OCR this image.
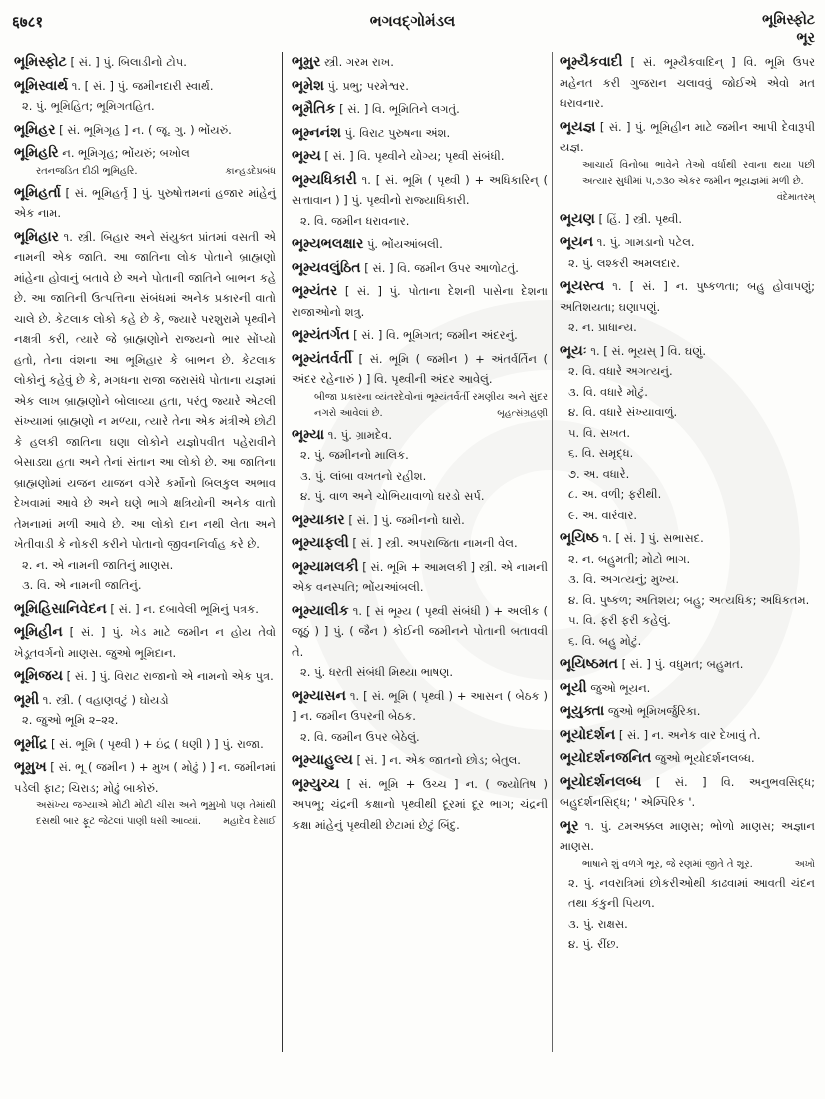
६७८१	ભગવદ્ગોમંડલ	ભૂમિસ્ફોટ
ભૂર
ભૂમિસ્ફોટ [ સં. ] પું. બિલાડીનો ટોપ.
ભૂમિસ્વાર્થ ૧. [ સં. ] પું. જમીનદારી સ્વાર્થ.
૨. પું. ભૂમિહિત; ભૂમિગતહિત.
ભૂમિહર [ સં. ભૂમિગૃહ ] ન. ( જૂ. ગુ. ) ભોંયરું.
ભૂમિહરિ ન. ભૂમિગૃહ; ભોંયરું; બખોલ
રતનજડિત દીઠી ભૂમિહરિ.	કાન્હડદેપ્રબંધ
ભૂમિહર્તા [ સં. ભૂમિહર્તૃ ] પું. પુરુષોત્તમનાં હજાર માંહેનું એક નામ.
ભૂમિહાર ૧. સ્ત્રી. બિહાર અને સંયુક્ત પ્રાંતમાં વસતી એ નામની એક જાતિ. આ જાતિના લોક પોતાને બ્રાહ્મણો માંહેના હોવાનું બતાવે છે અને પોતાની જાતિને બાભન કહે છે. આ જાતિની ઉત્પત્તિના સંબંધમાં અનેક પ્રકારની વાતો ચાલે છે. કેટલાક લોકો કહે છે કે, જ્યારે પરશુરામે પૃથ્વીને નક્ષત્રી કરી, ત્યારે જે બ્રાહ્મણોને રાજ્યનો ભાર સોંપ્યો હતો, તેના વંશના આ ભૂમિહાર કે બાભન છે. કેટલાક લોકોનું કહેવું છે કે, મગધના રાજા જરાસંધે પોતાના યજ્ઞમાં એક લાખ બ્રાહ્મણોને બોલાવ્યા હતા, પરંતુ જ્યારે એટલી સંખ્યામાં બ્રાહ્મણો ન મળ્યા, ત્યારે તેના એક મંત્રીએ છોટી કે હલકી જાતિના ઘણા લોકોને યજ્ઞોપવીત પહેરાવીને બેસાડ્યા હતા અને તેનાં સંતાન આ લોકો છે. આ જાતિના બ્રાહ્મણોમાં યજન યાજન વગેરે કર્મોનો બિલકુલ અભાવ દેખવામાં આવે છે અને ઘણે ભાગે ક્ષત્રિયોની અનેક વાતો તેમનામાં મળી આવે છે. આ લોકો દાન નથી લેતા અને ખેતીવાડી કે નોકરી કરીને પોતાનો જીવનનિર્વાહ કરે છે.
૨. ન. એ નામની જાતિનું માણસ.
૩. વિ. એ નામની જાતિનું.
ભૂમિહિસાનિવેદન [ સં. ] ન. દબાવેલી ભૂમિનું પત્રક.
ભૂમિહીન [ સં. ] પું. ખેડ માટે જમીન ન હોય તેવો ખેડૂતવર્ગનો માણસ. જુઓ ભૂમિદાન.
ભૂમિજય [ સં. ] પું. વિરાટ રાજાનો એ નામનો એક પુત્ર.
ભૂમી ૧. સ્ત્રી. ( વહાણવટું ) ઘોયડો
૨. જુઓ ભૂમિ ૨–૨૨.
ભૂમીંદ્ર [ સં. ભૂમિ ( પૃથ્વી ) + ઇંદ્ર ( ધણી ) ] પું. રાજા.
ભૂમુખ [ સં. ભૂ ( જમીન ) + મુખ ( મોઢું ) ] ન. જમીનમાં પડેલી ફાટ; ચિરાડ; મોઢું બાકોરું.
અસંખ્ય જગ્યાએ મોટી મોટી ચીરા અને ભૂમુખો પણ તેમાંથી દસથી બાર ફૂટ જેટલાં પાણી ધસી આવ્યાં. મહાદેવ દેસાઈ
ભૂમુર સ્ત્રી. ગરમ રાખ.
ભૂમેશ પું. પ્રભુ; પરમેશ્વર.
ભૂમૈતિક [ સં. ] વિ. ભૂમિતિને લગતું.
ભૂમ્નનંશ પું. વિરાટ પુરુષના અંશ.
ભૂમ્ય [ સં. ] વિ. પૃથ્વીને યોગ્ય; પૃથ્વી સંબંધી.
ભૂમ્યધિકારી ૧. [ સં. ભૂમિ ( પૃથ્વી ) + અધિકારિન્ ( સત્તાવાન ) ] પું. પૃથ્વીનો રાજ્યાધિકારી.
૨. વિ. જમીન ધરાવનાર.
ભૂમ્યભલક્ષાર પું. ભોંયઆંબલી.
ભૂમ્યવલુંઠિત [ સં. ] વિ. જમીન ઉપર આળોટતું.
ભૂમ્યંતર [ સં. ] પું. પોતાના દેશની પાસેના દેશના રાજાઓનો શત્રુ.
ભૂમ્યંતર્ગત [ સં. ] વિ. ભૂમિગત; જમીન અંદરનું.
ભૂમ્યંતર્વર્તી [ સં. ભૂમિ ( જમીન ) + અંતર્વર્તિન ( અંદર રહેનારું ) ] વિ. પૃથ્વીની અંદર આવેલું.
બીજા પ્રકારના વ્યંતરદેવોનાં ભૂમ્યંતર્વર્તી રમણીય અને સુંદર નગરો આવેલાં છે.	બૃહત્સંગ્રહણી
ભૂમ્યા ૧. પું. ગ્રામદેવ.
૨. પું. જમીનનો માલિક.
૩. પું. લાંબા વખતનો રહીશ.
૪. પું. વાળ અને ચોભિયાવાળો ઘરડો સર્પ.
ભૂમ્યાકાર [ સં. ] પું. જમીનનો ઘારો.
ભૂમ્યાફલી [ સં. ] સ્ત્રી. અપરાજિતા નામની વેલ.
ભૂમ્યામલકી [ સં. ભૂમિ + આમલકી ] સ્ત્રી. એ નામની એક વનસ્પતિ; ભોંયઆંબલી.
ભૂમ્યાલીક ૧. [ સં ભૂમ્ય ( પૃથ્વી સંબંધી ) + અલીક ( જૂઠું ) ] પું. ( જૈન ) કોઈની જમીનને પોતાની બતાવવી તે.
૨. પું. ધરતી સંબંધી મિથ્યા ભાષણ.
ભૂમ્યાસન ૧. [ સં. ભૂમિ ( પૃથ્વી ) + આસન ( બેઠક ) ] ન. જમીન ઉપરની બેઠક.
૨. વિ. જમીન ઉપર બેઠેલું.
ભૂમ્યાહુલ્ય [ સં. ] ન. એક જાતનો છોડ; બેતુલ.
ભૂમ્યુચ્ચ [ સં. ભૂમિ + ઉચ્ચ ] ન. ( જ્યોતિષ ) અપભૂ; ચંદ્રની કક્ષાનો પૃથ્વીથી દૂરમાં દૂર ભાગ; ચંદ્રની કક્ષા માંહેનું પૃથ્વીથી છેટામાં છેટું બિંદુ.
ભૂમ્યૈકવાદી [ સં. ભૂમ્યૈકવાદિન્ ] વિ. ભૂમિ ઉપર મહેનત કરી ગુજરાન ચલાવવું જોઈએ એવો મત ધરાવનાર.
ભૂયજ્ઞ [ સં. ] પું. ભૂમિહીન માટે જમીન આપી દેવારૂપી યજ્ઞ.
આચાર્ય વિનોબા ભાવેને તેઓ વર્ધાથી રવાના થયા પછી અત્યાર સુધીમાં ૫,૭૩૦ એકર જમીન ભૂયજ્ઞમાં મળી છે.
વંદેમાતરમ્
ભૂયણ [ હિં. ] સ્ત્રી. પૃથ્વી.
ભૂયન ૧. પું. ગામડાનો પટેલ.
૨. પું. લશ્કરી અમલદાર.
ભૂયસ્ત્વ ૧. [ સં. ] ન. પુષ્કળતા; બહુ હોવાપણું; અતિશયતા; ઘણાપણું.
૨. ન. પ્રાધાન્ય.
ભૂયઃ ૧. [ સં. ભૂયસ્ ] વિ. ઘણું.
૨. વિ. વધારે અગત્યનું.
૩. વિ. વધારે મોટું.
૪. વિ. વધારે સંખ્યાવાળું.
૫. વિ. સખત.
૬. વિ. સમૃદ્ધ.
૭. અ. વધારે.
૮. અ. વળી; ફરીથી.
૯. અ. વારંવાર.
ભૂયિષ્ઠ ૧. [ સં. ] પું. સભાસદ.
૨. ન. બહુમતી; મોટો ભાગ.
૩. વિ. અગત્યનું; મુખ્ય.
૪. વિ. પુષ્કળ; અતિશય; બહુ; અત્યધિક; અધિકતમ.
૫. વિ. ફરી ફરી કહેલું.
૬. વિ. બહુ મોટું.
ભૂયિષ્ઠમત [ સં. ] પું. વધુમત; બહુમત.
ભૂયી જુઓ ભૂયન.
ભૂયુક્તા જુઓ ભૂમિખર્જુરિકા.
ભૂયોદર્શન [ સં. ] ન. અનેક વાર દેખાવું તે.
ભૂયોદર્શનજનિત જુઓ ભૂયોદર્શનલબ્ધ.
ભૂયોદર્શનલબ્ધ [ સં. ] વિ. અનુભવસિદ્ધ; બહુદર્શનસિદ્ધ; ' એમ્પિરિક '.
ભૂર ૧. પું. ટમઅક્કલ માણસ; ભોળો માણસ; અજ્ઞાન માણસ.
ભાષાને શું વળગે ભૂર, જે રણમાં જીતે તે શૂર.	અખો
૨. પું. નવરાત્રિમાં છોકરીઓથી કાઢવામાં આવતી ચંદન તથા કંકુની પિયળ.
૩. પું. રાક્ષસ.
૪. પું. રીંછ.
